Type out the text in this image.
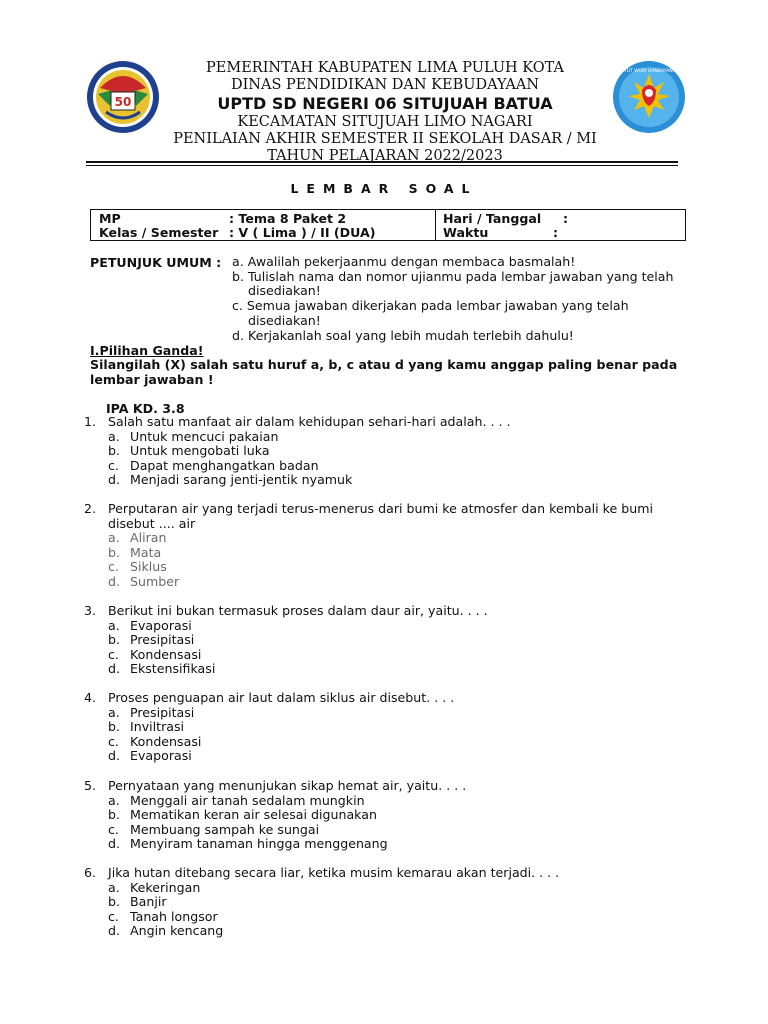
50
TUT WURI HANDAYANI
PEMERINTAH KABUPATEN LIMA PULUH KOTA
DINAS PENDIDIKAN DAN KEBUDAYAAN
UPTD SD NEGERI 06 SITUJUAH BATUA
KECAMATAN SITUJUAH LIMO NAGARI
PENILAIAN AKHIR SEMESTER II SEKOLAH DASAR / MI
TAHUN PELAJARAN 2022/2023
LEMBAR SOAL
MP	: Tema 8 Paket 2
Kelas / Semester : V ( Lima ) / II (DUA)
Hari / Tanggal :
Waktu	:
PETUNJUK UMUM : a. Awalilah pekerjaanmu dengan membaca basmalah!
b. Tulislah nama dan nomor ujianmu pada lembar jawaban yang telah
disediakan!
c. Semua jawaban dikerjakan pada lembar jawaban yang telah
disediakan!
d. Kerjakanlah soal yang lebih mudah terlebih dahulu!
I.Pilihan Ganda!
Silangilah (X) salah satu huruf a, b, c atau d yang kamu anggap paling benar pada lembar jawaban !
IPA KD. 3.8
1. Salah satu manfaat air dalam kehidupan sehari-hari adalah. . . .
a. Untuk mencuci pakaian
b. Untuk mengobati luka
c. Dapat menghangatkan badan
d. Menjadi sarang jenti-jentik nyamuk
2. Perputaran air yang terjadi terus-menerus dari bumi ke atmosfer dan kembali ke bumi disebut .... air
a. Aliran
b. Mata
c. Siklus
d. Sumber
3. Berikut ini bukan termasuk proses dalam daur air, yaitu. . . .
a. Evaporasi
b. Presipitasi
c. Kondensasi
d. Ekstensifikasi
4. Proses penguapan air laut dalam siklus air disebut. . . .
a. Presipitasi
b. Inviltrasi
c. Kondensasi
d. Evaporasi
5. Pernyataan yang menunjukan sikap hemat air, yaitu. . . .
a. Menggali air tanah sedalam mungkin
b. Mematikan keran air selesai digunakan
c. Membuang sampah ke sungai
d. Menyiram tanaman hingga menggenang
6. Jika hutan ditebang secara liar, ketika musim kemarau akan terjadi. . . .
a. Kekeringan
b. Banjir
c. Tanah longsor
d. Angin kencang
